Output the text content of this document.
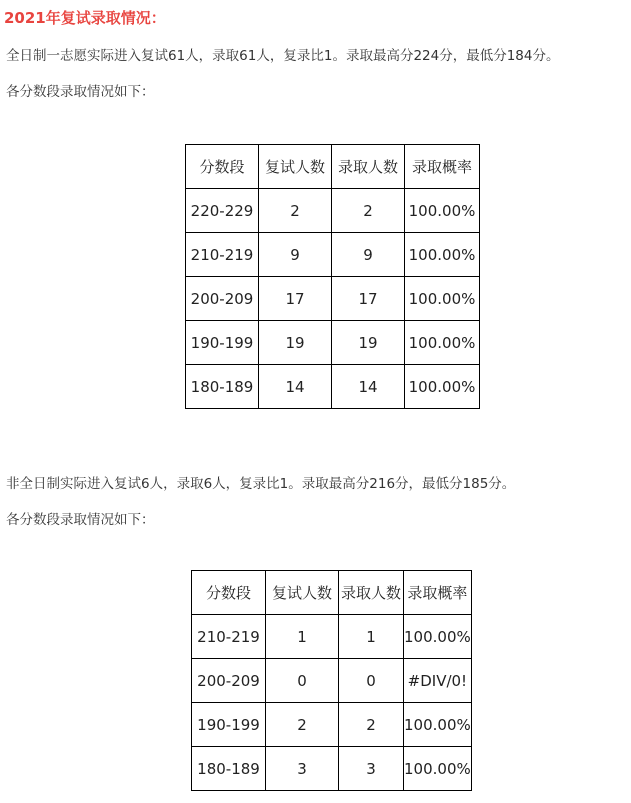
2021年复试录取情况：
全日制一志愿实际进入复试61人，录取61人，复录比1。录取最高分224分，最低分184分。
各分数段录取情况如下：
分数段	复试人数	录取人数	录取概率
220-229	2	2	100.00%
210-219	9	9	100.00%
200-209	17	17	100.00%
190-199	19	19	100.00%
180-189	14	14	100.00%
非全日制实际进入复试6人，录取6人，复录比1。录取最高分216分，最低分185分。
各分数段录取情况如下：
分数段	复试人数	录取人数	录取概率
210-219	1	1	100.00%
200-209	0	0	#DIV/0!
190-199	2	2	100.00%
180-189	3	3	100.00%
